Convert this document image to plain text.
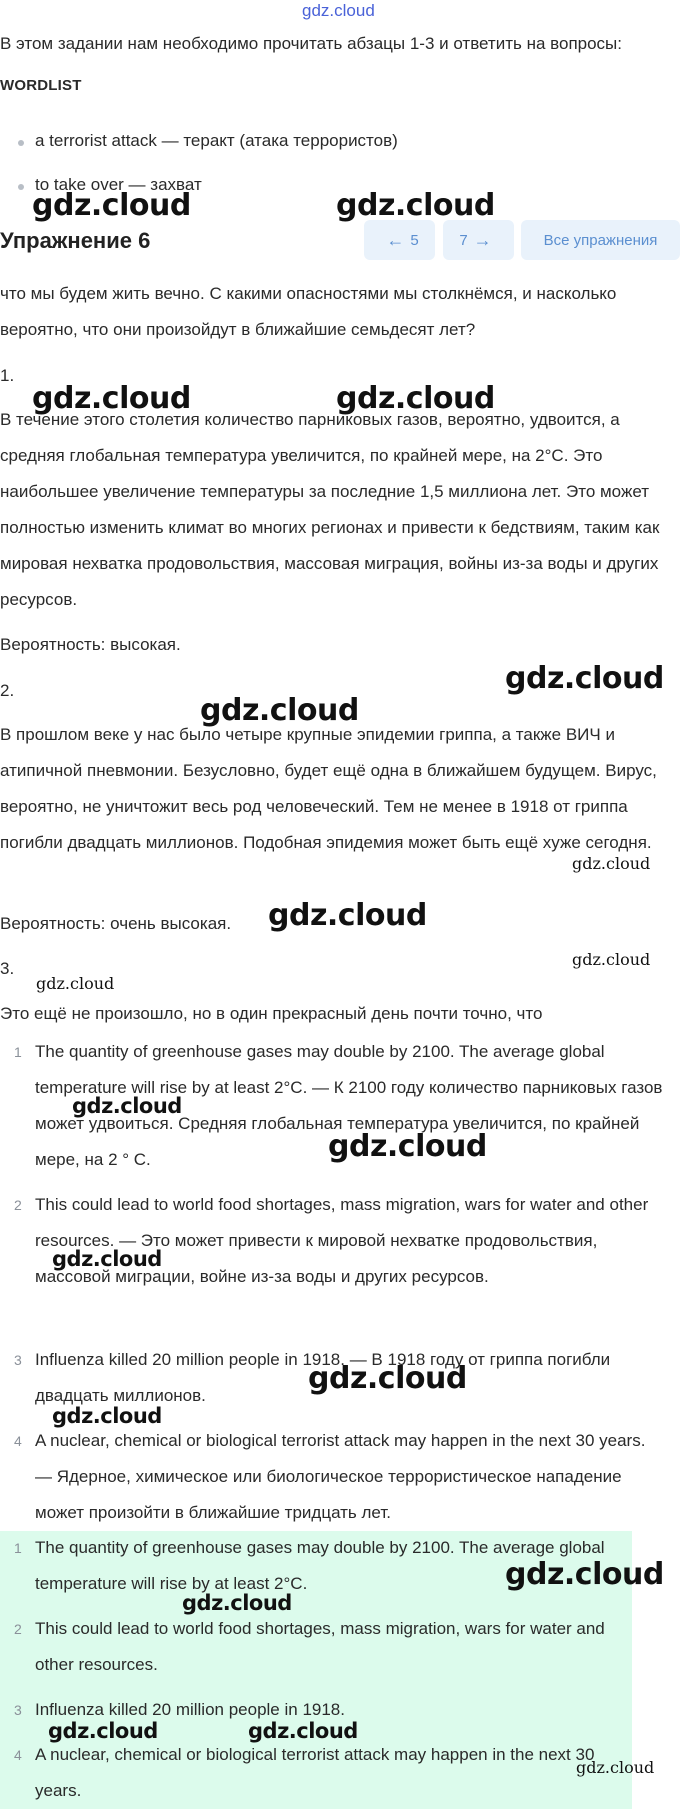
gdz.cloud

В этом задании нам необходимо прочитать абзацы 1-3 и ответить на вопросы:

WORDLIST
a terrorist attack — теракт (атака террористов)
to take over — захват
Упражнение 6	← 5	7 →	Все упражнения

что мы будем жить вечно. С какими опасностями мы столкнёмся, и насколько вероятно, что они произойдут в ближайшие семьдесят лет?

1.

В течение этого столетия количество парниковых газов, вероятно, удвоится, а средняя глобальная температура увеличится, по крайней мере, на 2°С. Это наибольшее увеличение температуры за последние 1,5 миллиона лет. Это может полностью изменить климат во многих регионах и привести к бедствиям, таким как мировая нехватка продовольствия, массовая миграция, войны из-за воды и других ресурсов.

Вероятность: высокая.

2.

В прошлом веке у нас было четыре крупные эпидемии гриппа, а также ВИЧ и атипичной пневмонии. Безусловно, будет ещё одна в ближайшем будущем. Вирус, вероятно, не уничтожит весь род человеческий. Тем не менее в 1918 от гриппа погибли двадцать миллионов. Подобная эпидемия может быть ещё хуже сегодня.

Вероятность: очень высокая.

3.

Это ещё не произошло, но в один прекрасный день почти точно, что

1 The quantity of greenhouse gases may double by 2100. The average global temperature will rise by at least 2°C. — К 2100 году количество парниковых газов может удвоиться. Средняя глобальная температура увеличится, по крайней мере, на 2 ° С.

2 This could lead to world food shortages, mass migration, wars for water and other resources. — Это может привести к мировой нехватке продовольствия, массовой миграции, войне из-за воды и других ресурсов.

3 Influenza killed 20 million people in 1918. — В 1918 году от гриппа погибли двадцать миллионов.

4 A nuclear, chemical or biological terrorist attack may happen in the next 30 years. — Ядерное, химическое или биологическое террористическое нападение может произойти в ближайшие тридцать лет.

1 The quantity of greenhouse gases may double by 2100. The average global temperature will rise by at least 2°C.

2 This could lead to world food shortages, mass migration, wars for water and other resources.

3 Influenza killed 20 million people in 1918.

4 A nuclear, chemical or biological terrorist attack may happen in the next 30 years.

gdz.cloud	gdz.cloud
gdz.cloud	gdz.cloud
gdz.cloud
gdz.cloud
gdz.cloud
gdz.cloud
gdz.cloud
gdz.cloud
gdz.cloud
gdz.cloud
gdz.cloud
gdz.cloud
gdz.cloud
gdz.cloud
gdz.cloud
gdz.cloud	gdz.cloud
gdz.cloud
